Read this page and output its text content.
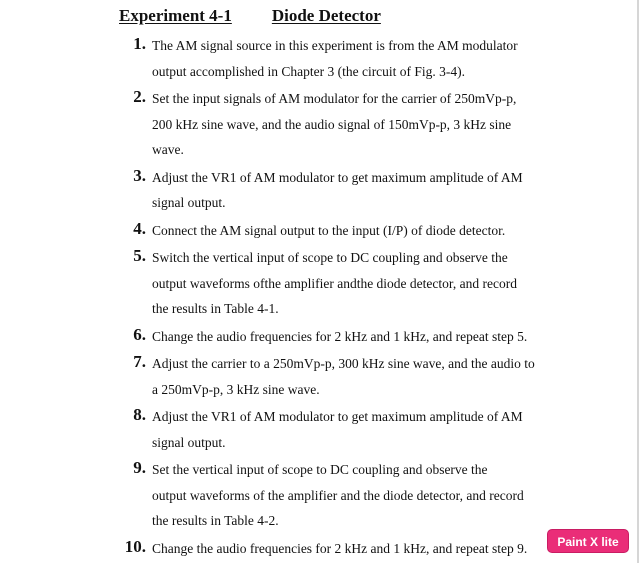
Experiment 4-1 Diode Detector
1. The AM signal source in this experiment is from the AM modulator
output accomplished in Chapter 3 (the circuit of Fig. 3-4).
2. Set the input signals of AM modulator for the carrier of 250mVp-p,
200 kHz sine wave, and the audio signal of 150mVp-p, 3 kHz sine
wave.
3. Adjust the VR1 of AM modulator to get maximum amplitude of AM
signal output.
4. Connect the AM signal output to the input (I/P) of diode detector.
5. Switch the vertical input of scope to DC coupling and observe the
output waveforms ofthe amplifier andthe diode detector, and record
the results in Table 4-1.
6. Change the audio frequencies for 2 kHz and 1 kHz, and repeat step 5.
7. Adjust the carrier to a 250mVp-p, 300 kHz sine wave, and the audio to
a 250mVp-p, 3 kHz sine wave.
8. Adjust the VR1 of AM modulator to get maximum amplitude of AM
signal output.
9. Set the vertical input of scope to DC coupling and observe the
output waveforms of the amplifier and the diode detector, and record
the results in Table 4-2.
10. Change the audio frequencies for 2 kHz and 1 kHz, and repeat step 9.	Paint X lite
